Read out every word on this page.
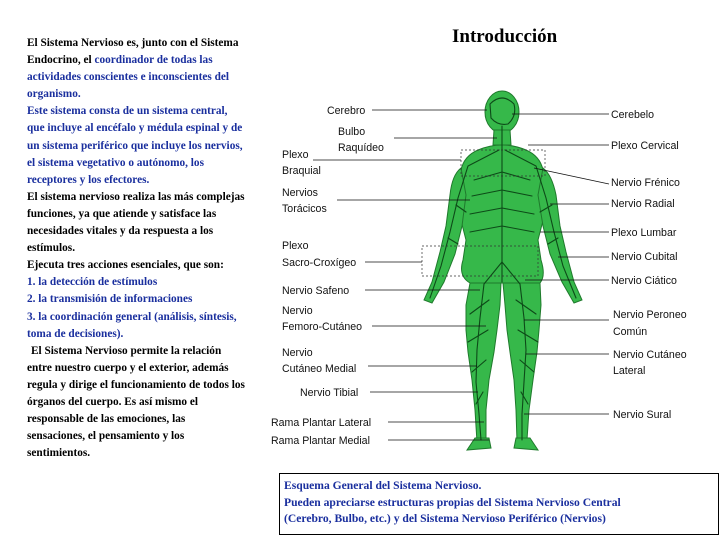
El Sistema Nervioso es, junto con el Sistema Endocrino, el coordinador de todas las actividades conscientes e inconscientes del organismo.

Este sistema consta de un sistema central, que incluye al encéfalo y médula espinal y de un sistema periférico que incluye los nervios, el sistema vegetativo o autónomo, los receptores y los efectores.

El sistema nervioso realiza las más complejas funciones, ya que atiende y satisface las necesidades vitales y da respuesta a los estímulos.

Ejecuta tres acciones esenciales, que son:

1. la detección de estímulos

2. la transmisión de informaciones

3. la coordinación general (análisis, síntesis, toma de decisiones).

El Sistema Nervioso permite la relación entre nuestro cuerpo y el exterior, además regula y dirige el funcionamiento de todos los órganos del cuerpo. Es así mismo el responsable de las emociones, las sensaciones, el pensamiento y los sentimientos.

Introducción
Cerebro
Bulbo
Raquídeo
Plexo
Braquial
Nervios
Torácicos
Plexo
Sacro-Croxígeo
Nervio Safeno
Nervio
Femoro-Cutáneo
Nervio
Cutáneo Medial
Nervio Tibial
Rama Plantar Lateral
Rama Plantar Medial
Cerebelo
Plexo Cervical
Nervio Frénico
Nervio Radial
Plexo Lumbar
Nervio Cubital
Nervio Ciático
Nervio Peroneo
Común
Nervio Cutáneo
Lateral
Nervio Sural
Esquema General del Sistema Nervioso.
Pueden apreciarse estructuras propias del Sistema Nervioso Central
(Cerebro, Bulbo, etc.) y del Sistema Nervioso Periférico (Nervios)
